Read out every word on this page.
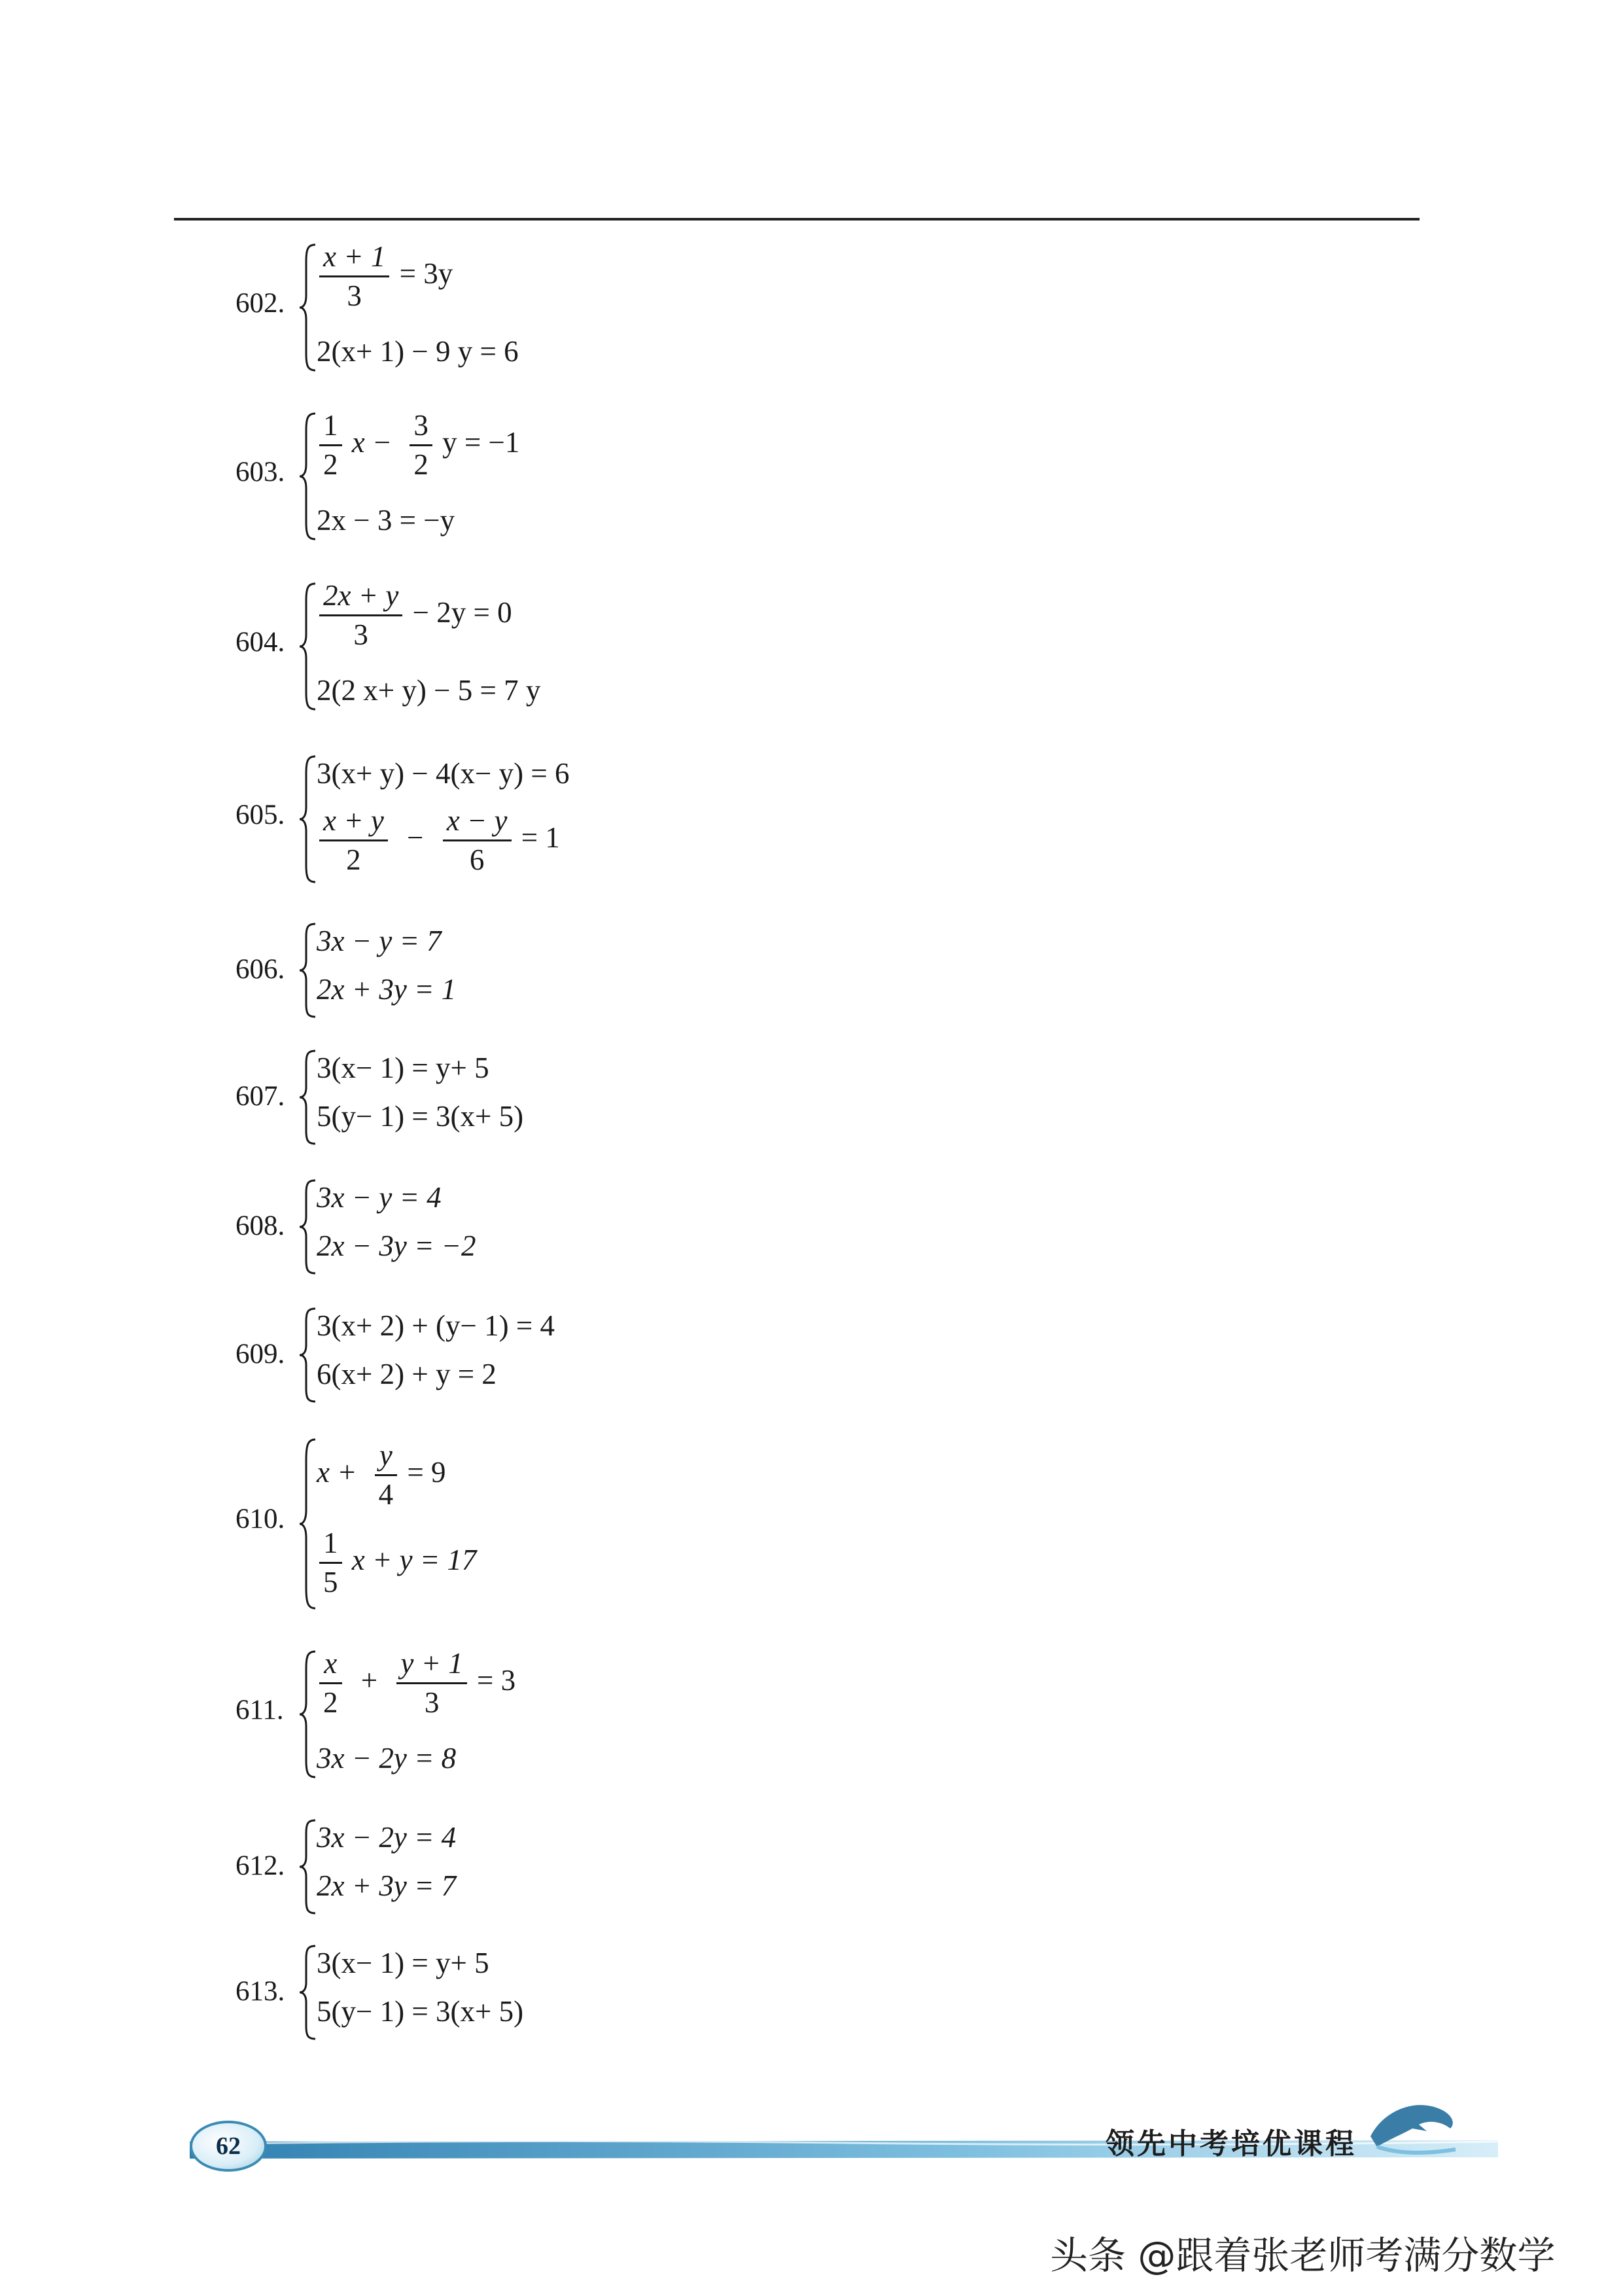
602. $\frac{x + 1}{3} = 3y$
2(x+ 1) − 9 y = 6
603. $\frac{1}{2}$ $x - \frac{3}{2}$ y = −1
2x − 3 = −y
604. $\frac{2x + y}{3} - 2y = 0$
2(2 x+ y) − 5 = 7 y
605.
3(x+ y) − 4(x− y) = 6
$\frac{x + y}{2} - \frac{x - y}{6} = 1$
606.
3x − y = 7
2x + 3y = 1
607.
3(x− 1) = y+ 5
5(y− 1) = 3(x+ 5)
608.
3x − y = 4
2x − 3y = −2
609.
3(x+ 2) + (y− 1) = 4
6(x+ 2) + y = 2
610.
$x + \frac{y}{4} = 9$
$\frac{1}{5}$ x + y = 17
611. $\frac{x}{2} + \frac{y + 1}{3} = 3$
3x − 2y = 8
612.
3x − 2y = 4
2x + 3y = 7
613.
3(x− 1) = y+ 5
5(y− 1) = 3(x+ 5)
62	领先中考培优课程
头条 @跟着张老师考满分数学
